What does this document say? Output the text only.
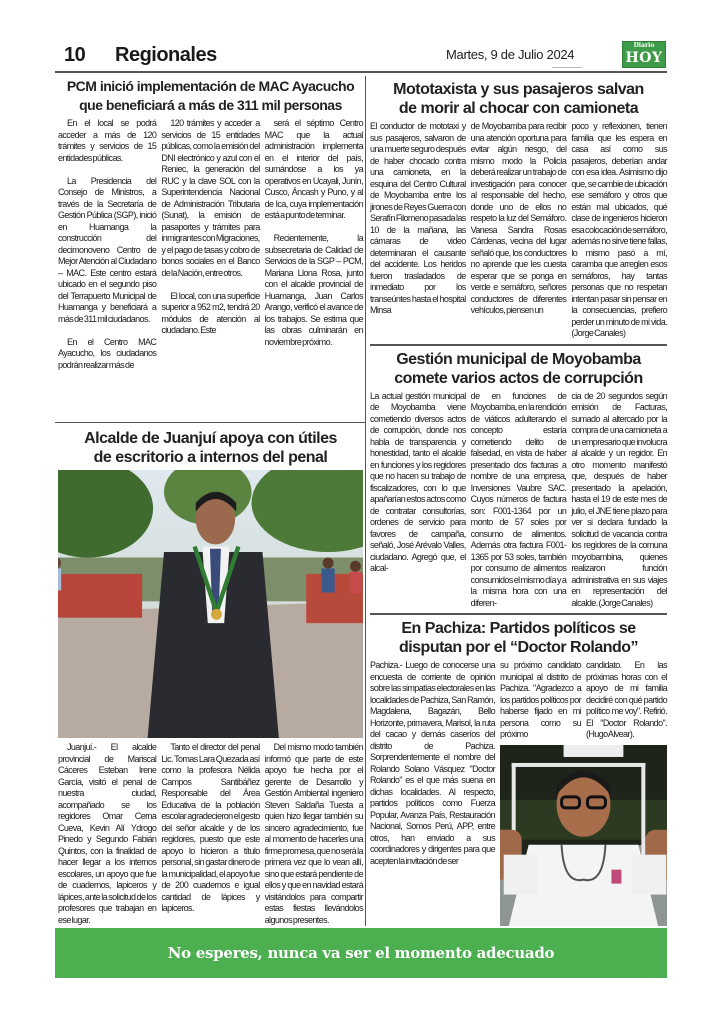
10 Regionales	Martes, 9 de Julio 2024
Diario
HOY
PCM inició implementación de MAC Ayacucho
que beneficiará a más de 311 mil personas

En el local se podrá acceder a más de 120 trámites y servicios de 15 entidades públicas.

La Presidencia del Consejo de Ministros, a través de la Secretaría de Gestión Pública (SGP), inició en Huamanga la construcción del decimonoveno Centro de Mejor Atención al Ciudadano – MAC. Este centro estará ubicado en el segundo piso del Terrapuerto Municipal de Huamanga y beneficiará a más de 311 mil ciudadanos.

En el Centro MAC Ayacucho, los ciudadanos podrán realizar más de

120 trámites y acceder a servicios de 15 entidades públicas, como la emisión del DNI electrónico y azul con el Reniec, la generación del RUC y la clave SOL con la Superintendencia Nacional de Administración Tributaria (Sunat), la emisión de pasaportes y trámites para inmigrantes con Migraciones, y el pago de tasas y cobro de bonos sociales en el Banco de la Nación, entre otros.

El local, con una superficie superior a 952 m2, tendrá 20 módulos de atención al ciudadano. Este

será el séptimo Centro MAC que la actual administración implementa en el interior del país, sumándose a los ya operativos en Ucayali, Junín, Cusco, Áncash y Puno, y al de Ica, cuya implementación está a punto de terminar.

Recientemente, la subsecretaria de Calidad de Servicios de la SGP – PCM, Mariana Llona Rosa, junto con el alcalde provincial de Huamanga, Juan Carlos Arango, verificó el avance de los trabajos. Se estima que las obras culminarán en noviembre próximo.

Alcalde de Juanjuí apoya con útiles
de escritorio a internos del penal

Juanjuí.- El alcalde provincial de Mariscal Cáceres Esteban Irene García, visitó el penal de nuestra ciudad, acompañado se los regidores Omar Cerna Cueva, Kevin Alí Ydrogo Pinedo y Segundo Fabián Quintos, con la finalidad de hacer llegar a los internos escolares, un apoyo que fue de cuadernos, lapiceros y lápices, ante la solicitud de los profesores que trabajan en ese lugar.

Tanto el director del penal Lic. Tomas Lara Quezada así como la profesora Nélida Campos Santibáñez Responsable del Área Educativa de la población escolar agradecieron el gesto del señor alcalde y de los regidores, puesto que este apoyo lo hicieron a título personal, sin gastar dinero de la municipalidad, el apoyo fue de 200 cuadernos e igual cantidad de lápices y lapiceros.

Del mismo modo también informó que parte de este apoyo fue hecha por el gerente de Desarrollo y Gestión Ambiental ingeniero Steven Saldaña Tuesta a quien hizo llegar también su sincero agradecimiento, fue al momento de hacerles una firme promesa, que no será la primera vez que lo vean allí, sino que estará pendiente de ellos y que en navidad estará visitándolos para compartir estas fiestas llevándolos algunos presentes.

Mototaxista y sus pasajeros salvan
de morir al chocar con camioneta

El conductor de mototaxi y sus pasajeros, salvaron de una muerte seguro después de haber chocado contra una camioneta, en la esquina del Centro Cultural de Moyobamba entre los jirones de Reyes Guerra con Serafín Filomeno pasada las 10 de la mañana, las cámaras de video determinaran el causante del accidente. Los heridos fueron trasladados de inmediato por los transeúntes hasta el hospital Minsa

de Moyobamba para recibir una atención oportuna para evitar algún riesgo, del mismo modo la Policía deberá realizar un trabajo de investigación para conocer al responsable del hecho, donde uno de ellos no respeto la luz del Semáforo. Vanesa Sandra Rosas Cárdenas, vecina del lugar señaló que, los conductores no aprende que les cuesta esperar que se ponga en verde e semáforo, señores conductores de diferentes vehículos, piensen un

poco y reflexionen, tienen familia que les espera en casa así como sus pasajeros, deberían andar con esa idea. Asimismo dijo que, se cambie de ubicación ese semáforo y otros que están mal ubicados, qué clase de ingenieros hicieron esa colocación de semáforo, además no sirve tiene fallas, lo mismo pasó a mí, caramba que arreglen esos semáforos, hay tantas personas que no respetan intentan pasar sin pensar en la consecuencias, prefiero perder un minuto de mi vida. (Jorge Canales)

Gestión municipal de Moyobamba
comete varios actos de corrupción

La actual gestión municipal de Moyobamba viene cometiendo diversos actos de corrupción, donde nos habla de transparencia y honestidad, tanto el alcalde en funciones y los regidores que no hacen su trabajo de fiscalizadores, con lo que apañarían estos actos como de contratar consultorías, ordenes de servicio para favores de campaña, señaló, José Arévalo Valles, ciudadano. Agregó que, el alcal-

de en funciones de Moyobamba, en la rendición de viáticos adulterando el concepto estaría cometiendo delito de falsedad, en vista de haber presentado dos facturas a nombre de una empresa, Inversiones Vaubre SAC. Cuyos números de factura son: F001-1364 por un monto de 57 soles por consumo de alimentos. Además otra factura F001-1365 por 53 soles, también por consumo de alimentos consumidos el mismo día y a la misma hora con una diferen-

cia de 20 segundos según emisión de Facturas, sumado al altercado por la compra de una camioneta a un empresario que involucra al alcalde y un regidor. En otro momento manifestó que, después de haber presentado la apelación, hasta el 19 de este mes de julio, el JNE tiene plazo para ver si declara fundado la solicitud de vacancia contra los regidores de la comuna moyobambina, quienes realizaron función administrativa en sus viajes en representación del alcalde. (Jorge Canales)

En Pachiza: Partidos políticos se
disputan por el “Doctor Rolando”

Pachiza.- Luego de conocerse una encuesta de corriente de opinión sobre las simpatías electorales en las localidades de Pachiza, San Ramón, Magdalena, Bagazán, Bello Horizonte, primavera, Marisol, la ruta del cacao y demás caseríos del distrito de Pachiza. Sorprendentemente el nombre del Rolando Solano Vásquez "Doctor Rolando" es el que más suena en dichas localidades. Al respecto, partidos políticos como Fuerza Popular, Avanza País, Restauración Nacional, Somos Perú, APP, entre otros, han enviado a sus coordinadores y dirigentes para que acepten la invitación de ser

su próximo candidato municipal al distrito de Pachiza. "Agradezco a los partidos políticos por haberse fijado en mi persona como su próximo

candidato. En las próximas horas con el apoyo de mi familia decidiré con qué partido político me voy". Refirió. El "Doctor Rolando". (Hugo Alvear).

No esperes, nunca va ser el momento adecuado
